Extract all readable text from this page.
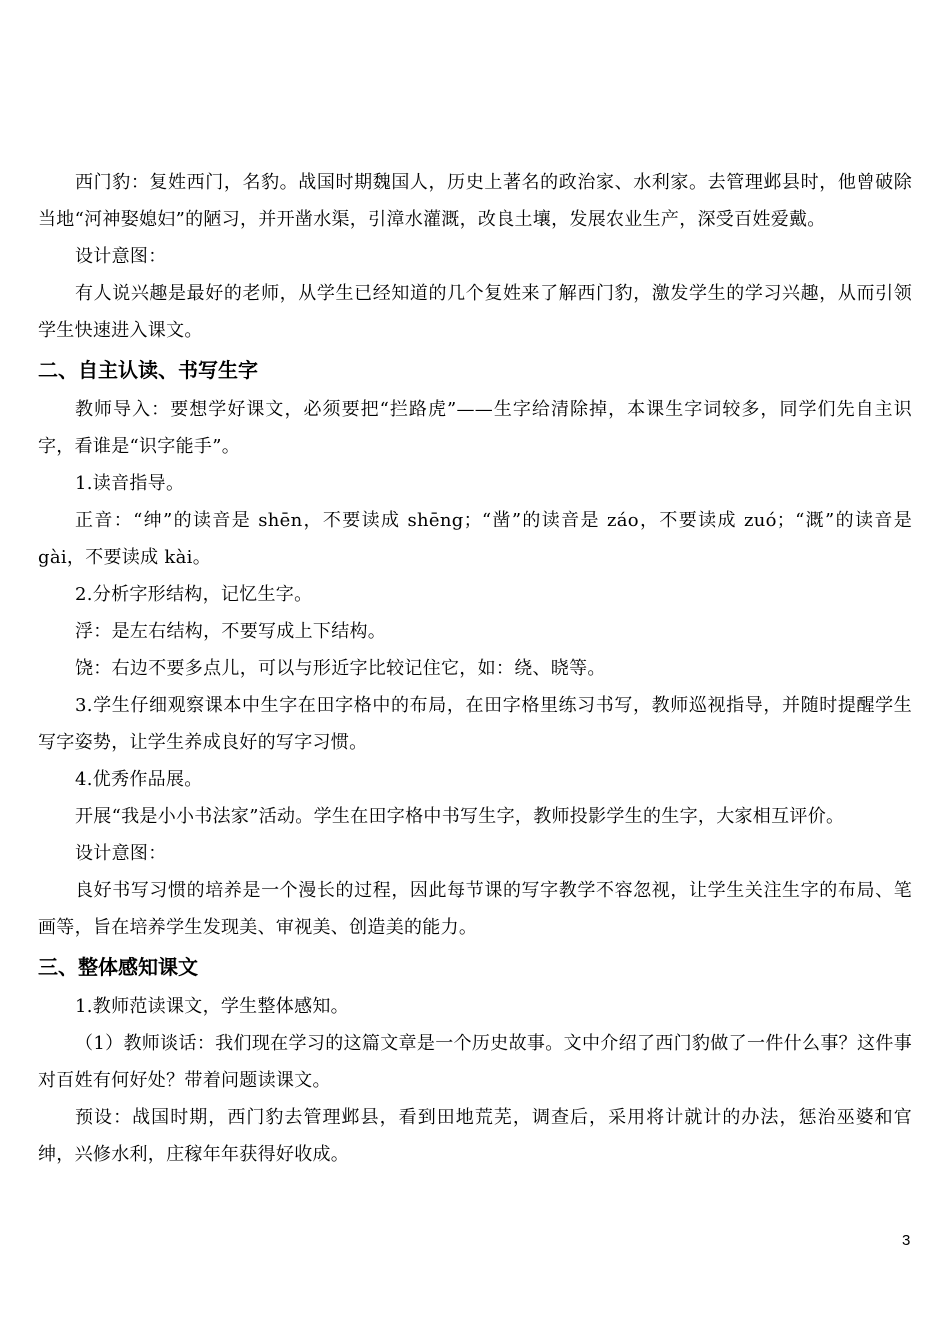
西门豹：复姓西门，名豹。战国时期魏国人，历史上著名的政治家、水利家。去管理邺县时，他曾破除当地“河神娶媳妇”的陋习，并开凿水渠，引漳水灌溉，改良土壤，发展农业生产，深受百姓爱戴。

设计意图：

有人说兴趣是最好的老师，从学生已经知道的几个复姓来了解西门豹，激发学生的学习兴趣，从而引领学生快速进入课文。

二、自主认读、书写生字

教师导入：要想学好课文，必须要把“拦路虎”——生字给清除掉，本课生字词较多，同学们先自主识字，看谁是“识字能手”。

1.读音指导。

正音：“绅”的读音是 shēn，不要读成 shēng；“凿”的读音是 záo，不要读成 zuó；“溉”的读音是gài，不要读成 kài。

2.分析字形结构，记忆生字。

浮：是左右结构，不要写成上下结构。

饶：右边不要多点儿，可以与形近字比较记住它，如：绕、晓等。

3.学生仔细观察课本中生字在田字格中的布局，在田字格里练习书写，教师巡视指导，并随时提醒学生写字姿势，让学生养成良好的写字习惯。

4.优秀作品展。

开展“我是小小书法家”活动。学生在田字格中书写生字，教师投影学生的生字，大家相互评价。

设计意图：

良好书写习惯的培养是一个漫长的过程，因此每节课的写字教学不容忽视，让学生关注生字的布局、笔画等，旨在培养学生发现美、审视美、创造美的能力。

三、整体感知课文

1.教师范读课文，学生整体感知。

（1）教师谈话：我们现在学习的这篇文章是一个历史故事。文中介绍了西门豹做了一件什么事？这件事对百姓有何好处？带着问题读课文。

预设：战国时期，西门豹去管理邺县，看到田地荒芜，调查后，采用将计就计的办法，惩治巫婆和官绅，兴修水利，庄稼年年获得好收成。

3
